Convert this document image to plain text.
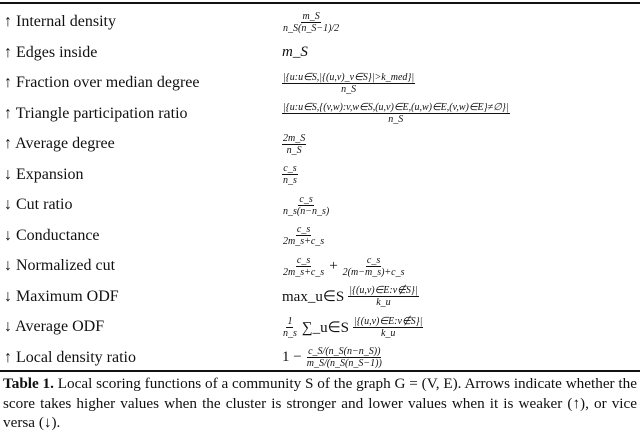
↑ Internal density	$\frac{m\_S}{n\_S(n\_S-1)/2}$
↑ Edges inside	m_S
↑ Fraction over median degree	$\frac{\text{|\{u:u∈S,|\{(u,v)\_v∈S\}|>k\_med\}|}}{n\_S}$
↑ Triangle participation ratio	$\frac{|\{u:u\in S,\{(v,w):v,w\in S,(u,v)\in E,(u,w)\in E,(v,w)\in E\}\ne\emptyset\}|}{n\_S}$
↑ Average degree	$\frac{2m\_S}{n\_S}$
↓ Expansion	$\frac{c\_s}{n\_s}$
↓ Cut ratio	$\frac{c\_s}{n\_s(n-n\_s)}$
↓ Conductance	$\frac{c\_s}{2m\_s+c\_s}$
↓ Normalized cut	$\frac{c\_s}{2m\_s+c\_s} + \frac{c\_s}{2(m-m\_s)+c\_s}$
↓ Maximum ODF	max_u∈S $\frac{|\{(u,v)\in E:v\notin S\}|}{k\_u}$
↓ Average ODF	$\frac{1}{n\_s}$ ∑_u∈S $\frac{|\{(u,v)\in E:v\notin S\}|}{k\_u}$
↑ Local density ratio	$1 - \frac{c\_S/(n\_S(n-n\_S))}{m\_S/(n\_S(n\_S-1))}$
Table 1. Local scoring functions of a community S of the graph G = (V, E). Arrows indicate whether the score takes higher values when the cluster is stronger and lower values when it is weaker (↑), or vice versa (↓).
